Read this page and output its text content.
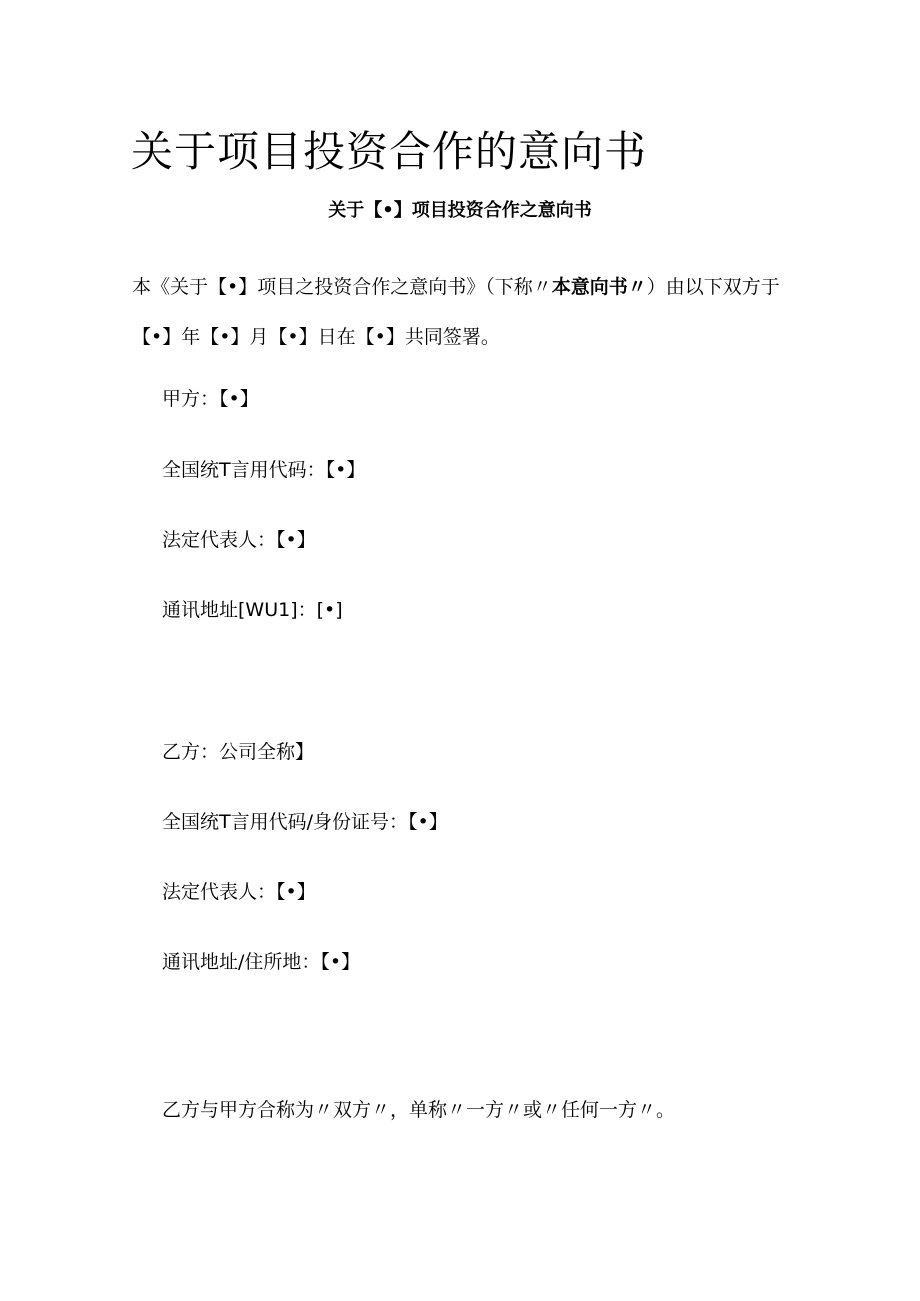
关于项目投资合作的意向书
关于【•】项目投资合作之意向书

本《关于【•】项目之投资合作之意向书》（下称〃本意向书〃）由以下双方于【•】年【•】月【•】日在【•】共同签署。

甲方：【•】

全国统T言用代码：【•】

法定代表人：【•】

通讯地址[WU1]：[•]

乙方：公司全称】

全国统T言用代码/身份证号：【•】

法定代表人：【•】

通讯地址/住所地：【•】

乙方与甲方合称为〃双方〃，单称〃一方〃或〃任何一方〃。
